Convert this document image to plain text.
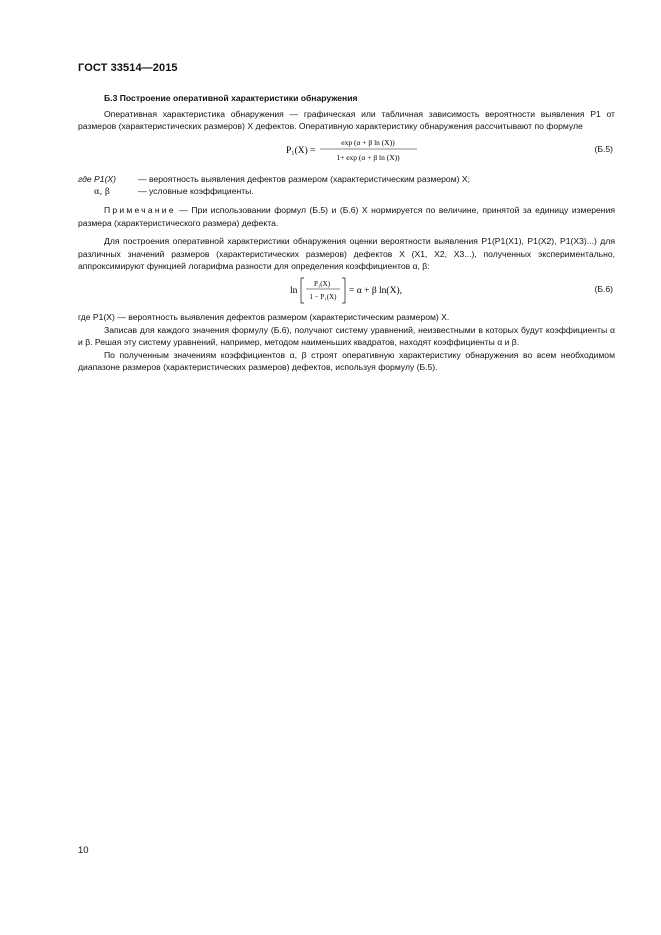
ГОСТ 33514—2015

Б.3 Построение оперативной характеристики обнаружения

Оперативная характеристика обнаружения — графическая или табличная зависимость вероятности выявления P1 от размеров (характеристических размеров) X дефектов. Оперативную характеристику обнаружения рассчитывают по формуле

P₁(X) =
exp (α + β ln (X))
1+ exp (α + β ln (X))
(Б.5)
где P1(X)	— вероятность выявления дефектов размером (характеристическим размером) X;
α, β	— условные коэффициенты.

Примечание — При использовании формул (Б.5) и (Б.6) X нормируется по величине, принятой за единицу измерения размера (характеристического размера) дефекта.

Для построения оперативной характеристики обнаружения оценки вероятности выявления P1(P1(X1), P1(X2), P1(X3)...) для различных значений размеров (характеристических размеров) дефектов X (X1, X2, X3...), полученных экспериментально, аппроксимируют функцией логарифма разности для определения коэффициентов α, β:

ln
P₁(X)
1 − P₁(X)
= α + β ln(X),	(Б.6)

где P1(X) — вероятность выявления дефектов размером (характеристическим размером) X.

Записав для каждого значения формулу (Б.6), получают систему уравнений, неизвестными в которых будут коэффициенты α и β. Решая эту систему уравнений, например, методом наименьших квадратов, находят коэффициенты α и β.

По полученным значениям коэффициентов α, β строят оперативную характеристику обнаружения во всем необходимом диапазоне размеров (характеристических размеров) дефектов, используя формулу (Б.5).

10
